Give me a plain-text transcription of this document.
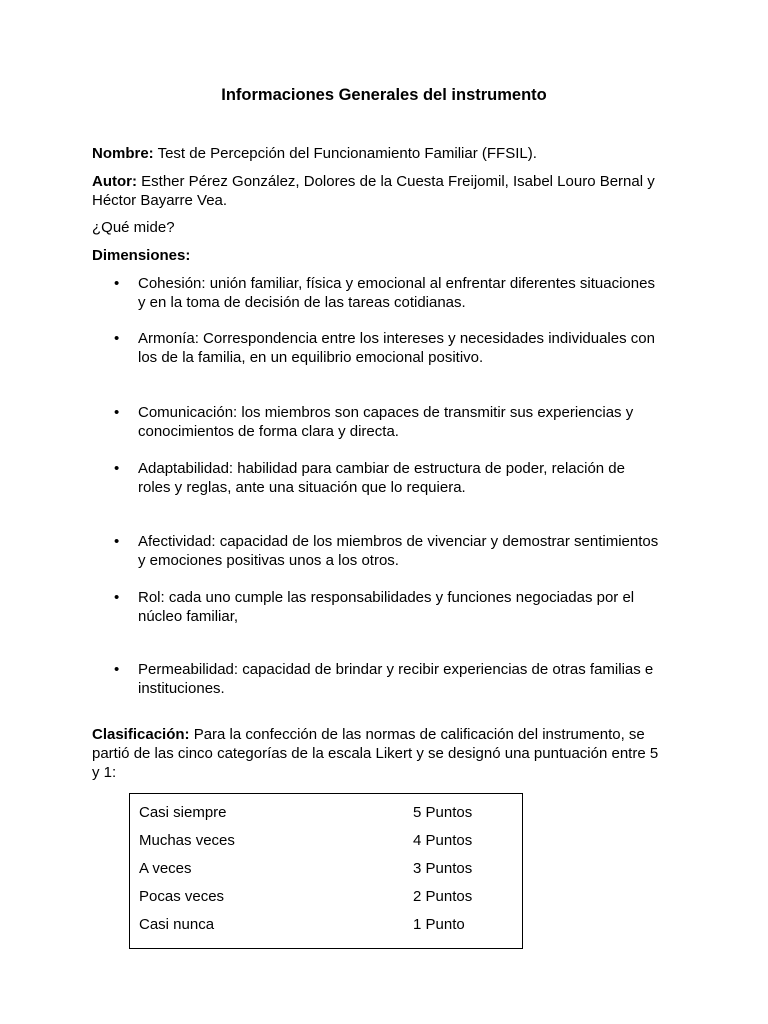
Informaciones Generales del instrumento

Nombre: Test de Percepción del Funcionamiento Familiar (FFSIL).

Autor: Esther Pérez González, Dolores de la Cuesta Freijomil, Isabel Louro Bernal y
Héctor Bayarre Vea.

¿Qué mide?

Dimensiones:

• Cohesión: unión familiar, física y emocional al enfrentar diferentes situaciones
y en la toma de decisión de las tareas cotidianas.
• Armonía: Correspondencia entre los intereses y necesidades individuales con
los de la familia, en un equilibrio emocional positivo.
• Comunicación: los miembros son capaces de transmitir sus experiencias y
conocimientos de forma clara y directa.
• Adaptabilidad: habilidad para cambiar de estructura de poder, relación de
roles y reglas, ante una situación que lo requiera.
• Afectividad: capacidad de los miembros de vivenciar y demostrar sentimientos
y emociones positivas unos a los otros.
• Rol: cada uno cumple las responsabilidades y funciones negociadas por el
núcleo familiar,
• Permeabilidad: capacidad de brindar y recibir experiencias de otras familias e
instituciones.

Clasificación: Para la confección de las normas de calificación del instrumento, se
partió de las cinco categorías de la escala Likert y se designó una puntuación entre 5
y 1:

Casi siempre	5 Puntos
Muchas veces	4 Puntos
A veces	3 Puntos
Pocas veces	2 Puntos
Casi nunca	1 Punto
